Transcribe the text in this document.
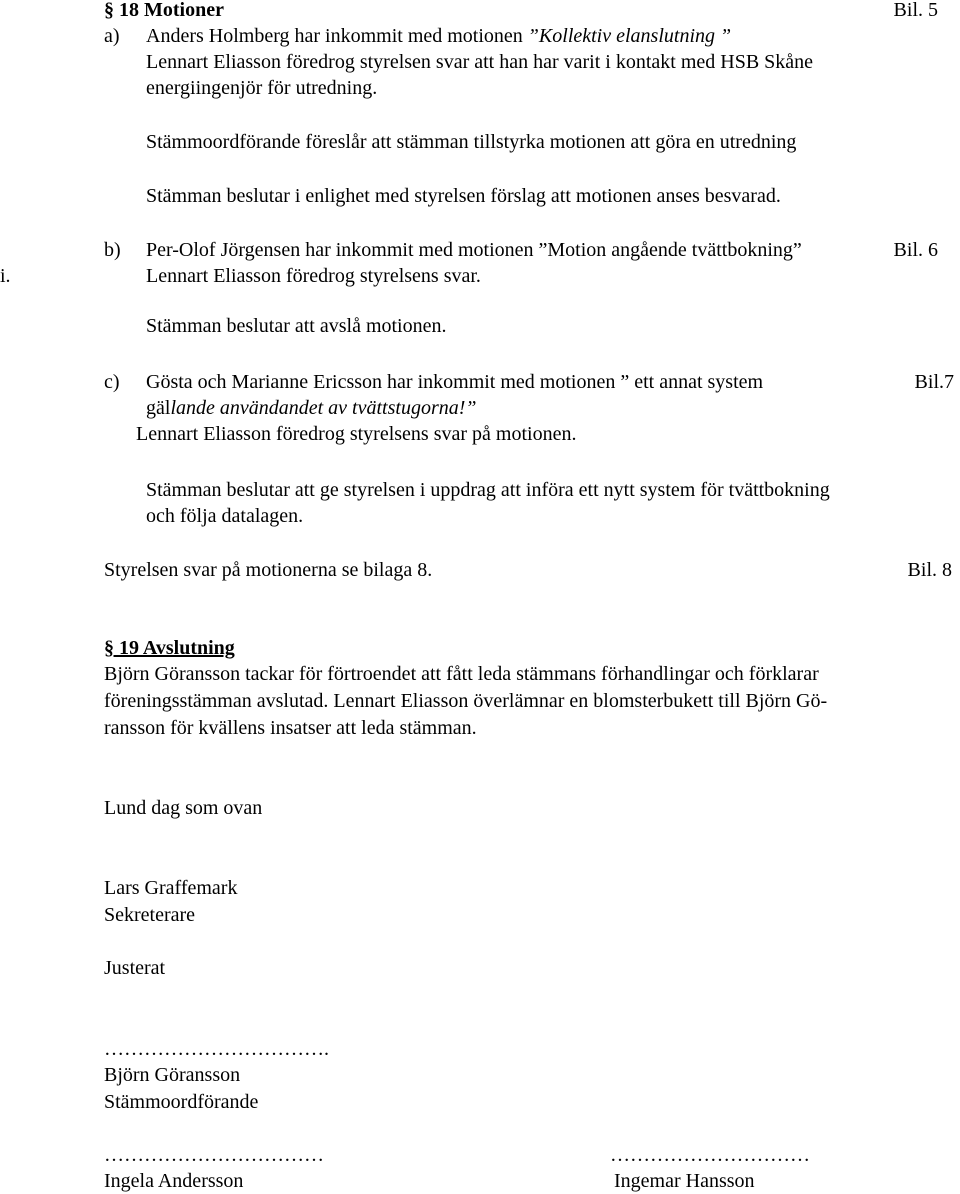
§ 18 Motioner	Bil. 5
a) Anders Holmberg har inkommit med motionen ”Kollektiv elanslutning ”
Lennart Eliasson föredrog styrelsen svar att han har varit i kontakt med HSB Skåne
energiingenjör för utredning.
Stämmoordförande föreslår att stämman tillstyrka motionen att göra en utredning
Stämman beslutar i enlighet med styrelsen förslag att motionen anses besvarad.
b) Per-Olof Jörgensen har inkommit med motionen ”Motion angående tvättbokning”	Bil. 6
i.	Lennart Eliasson föredrog styrelsens svar.
Stämman beslutar att avslå motionen.
c) Gösta och Marianne Ericsson har inkommit med motionen ” ett annat system	Bil.7
gällande användandet av tvättstugorna!”
Lennart Eliasson föredrog styrelsens svar på motionen.
Stämman beslutar att ge styrelsen i uppdrag att införa ett nytt system för tvättbokning
och följa datalagen.
Styrelsen svar på motionerna se bilaga 8.	Bil. 8
§ 19 Avslutning
Björn Göransson tackar för förtroendet att fått leda stämmans förhandlingar och förklarar
föreningsstämman avslutad. Lennart Eliasson överlämnar en blomsterbukett till Björn Gö-
ransson för kvällens insatser att leda stämman.
Lund dag som ovan
Lars Graffemark
Sekreterare
Justerat
…………………………….
Björn Göransson
Stämmoordförande
……………………………	…………………………
Ingela Andersson	Ingemar Hansson
